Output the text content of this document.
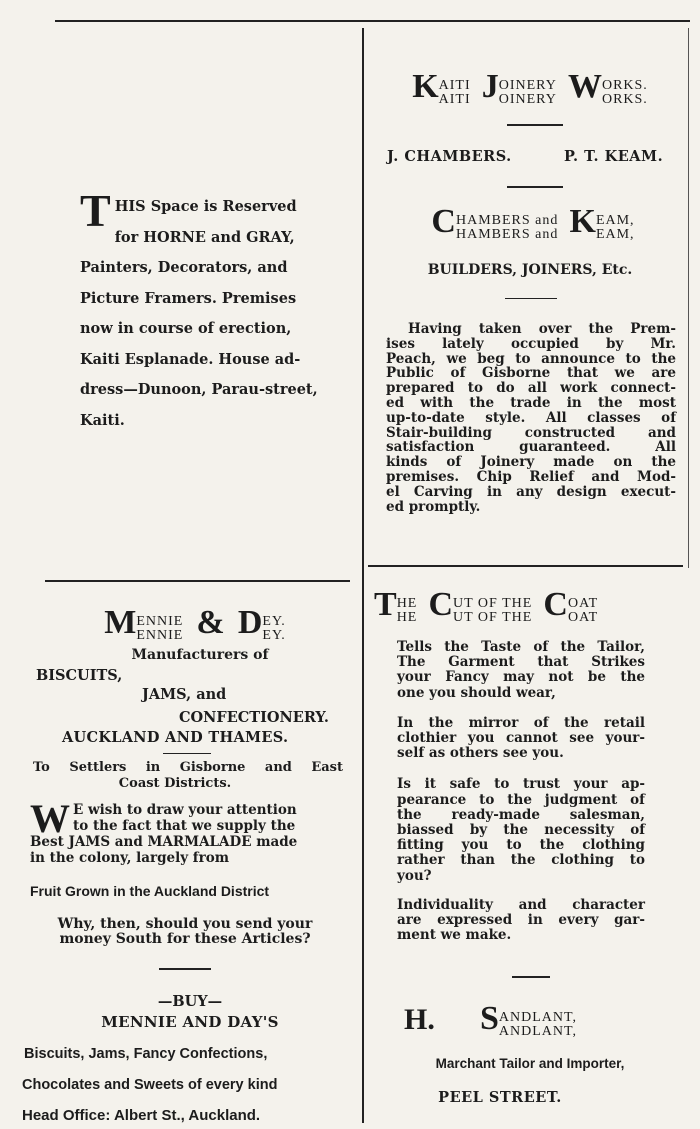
T HIS Space is Reserved
for HORNE and GRAY,
Painters, Decorators, and
Picture Framers. Premises
now in course of erection,
Kaiti Esplanade. House ad-
dress—Dunoon, Parau-street,
Kaiti.
KAITI
AITI JOINERY
OINERY WORKS.
ORKS.
J. CHAMBERS.	P. T. KEAM.
CHAMBERS and
HAMBERS and KEAM,
EAM,
BUILDERS, JOINERS, Etc.
Having taken over the Prem-
ises lately occupied by Mr.
Peach, we beg to announce to the
Public of Gisborne that we are
prepared to do all work connect-
ed with the trade in the most
up-to-date style. All classes of
Stair-building constructed and
satisfaction guaranteed. All
kinds of Joinery made on the
premises. Chip Relief and Mod-
el Carving in any design execut-
ed promptly.
MENNIE
ENNIE & DEY.
EY.
Manufacturers of
BISCUITS,
JAMS, and
CONFECTIONERY.
AUCKLAND AND THAMES.
To Settlers in Gisborne and East
Coast Districts.
W E wish to draw your attention
to the fact that we supply the
Best JAMS and MARMALADE made
in the colony, largely from
Fruit Grown in the Auckland District
Why, then, should you send your
money South for these Articles?
—BUY—
MENNIE AND DAY'S
Biscuits, Jams, Fancy Confections,
Chocolates and Sweets of every kind
Head Office: Albert St., Auckland.
THE
HE CUT OF THE
UT OF THE COAT
OAT
Tells the Taste of the Tailor,
The Garment that Strikes
your Fancy may not be the
one you should wear,
In the mirror of the retail
clothier you cannot see your-
self as others see you.
Is it safe to trust your ap-
pearance to the judgment of
the ready-made salesman,
biassed by the necessity of
fitting you to the clothing
rather than the clothing to
you?
Individuality and character
are expressed in every gar-
ment we make.
H. SANDLANT,
ANDLANT,
Marchant Tailor and Importer,
PEEL STREET.
